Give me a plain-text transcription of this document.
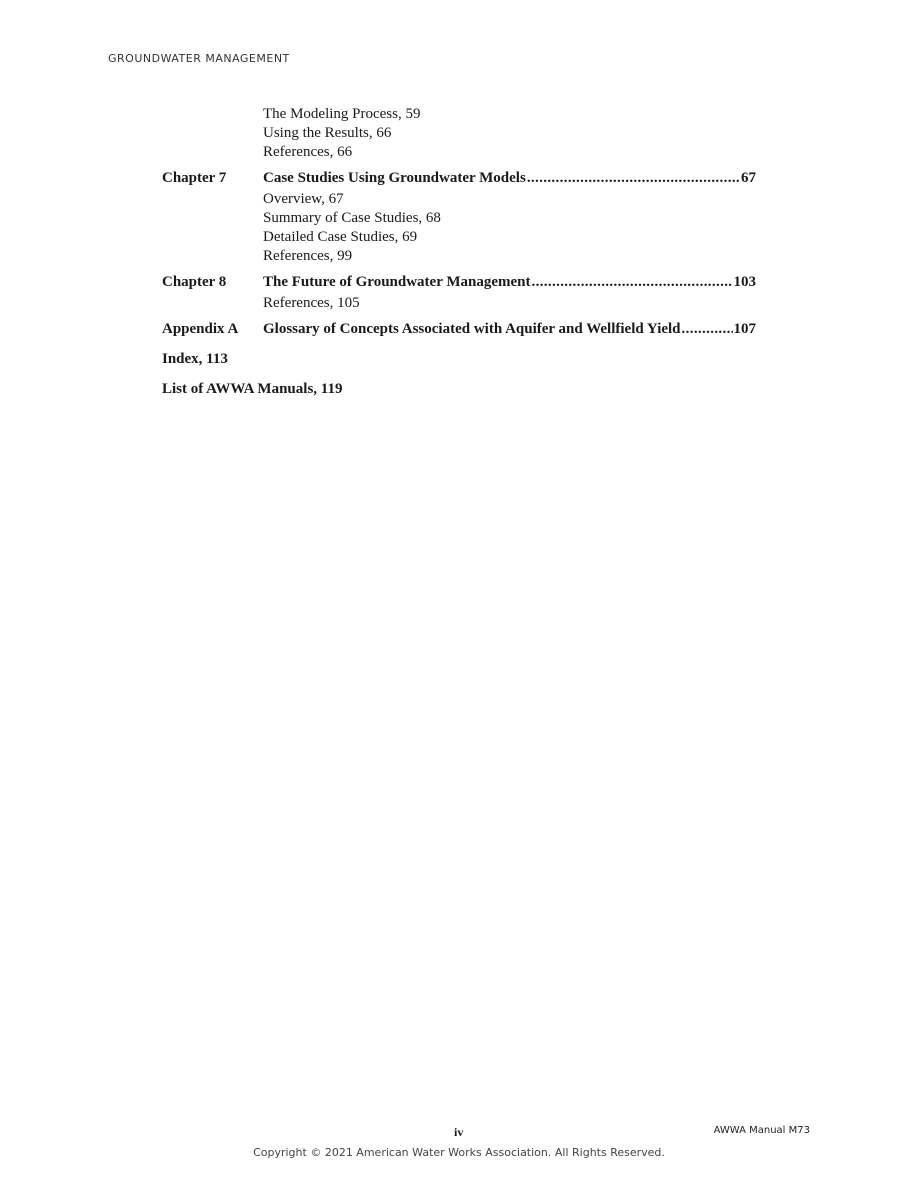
GROUNDWATER MANAGEMENT
The Modeling Process, 59
Using the Results, 66
References, 66
Chapter 7	Case Studies Using Groundwater Models . . .	67
Overview, 67
Summary of Case Studies, 68
Detailed Case Studies, 69
References, 99
Chapter 8	The Future of Groundwater Management . . .	103
References, 105
Appendix A	Glossary of Concepts Associated with Aquifer and Wellfield Yield . . .	107
Index, 113
List of AWWA Manuals, 119
iv	AWWA Manual M73
Copyright © 2021 American Water Works Association. All Rights Reserved.
